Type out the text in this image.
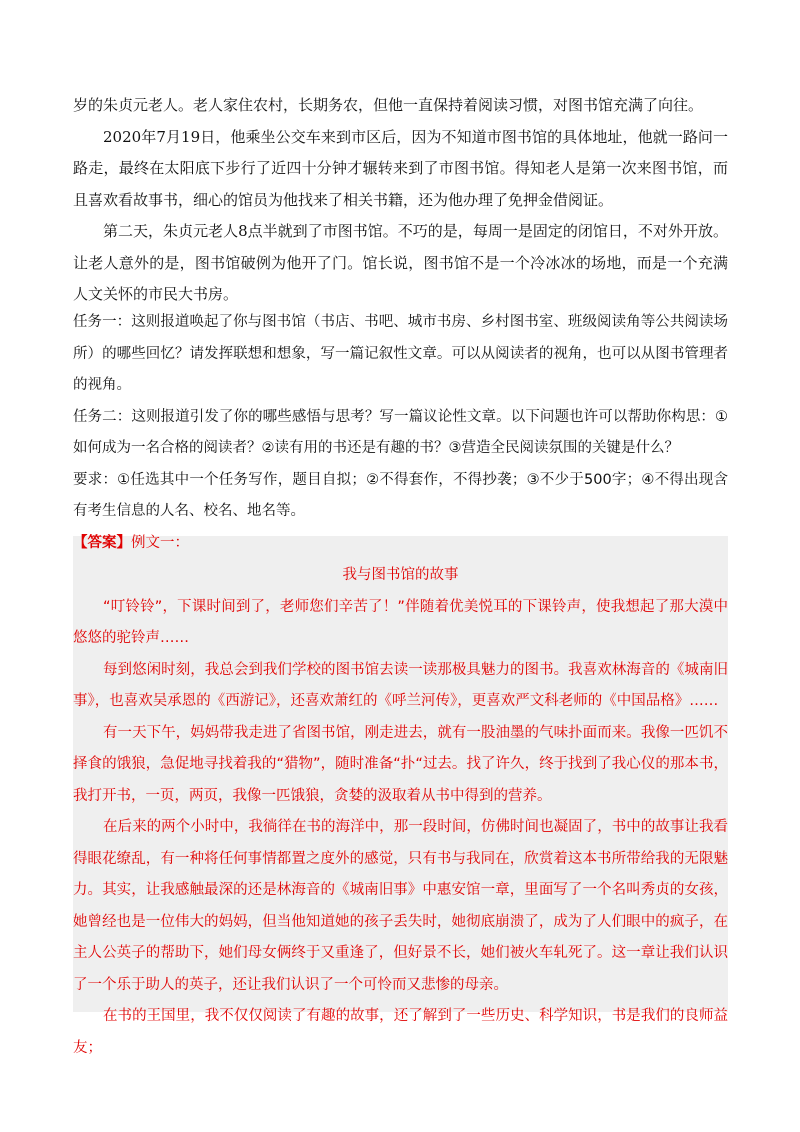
岁的朱贞元老人。老人家住农村，长期务农，但他一直保持着阅读习惯，对图书馆充满了向往。

2020年7月19日，他乘坐公交车来到市区后，因为不知道市图书馆的具体地址，他就一路问一路走，最终在太阳底下步行了近四十分钟才辗转来到了市图书馆。得知老人是第一次来图书馆，而且喜欢看故事书，细心的馆员为他找来了相关书籍，还为他办理了免押金借阅证。

第二天，朱贞元老人8点半就到了市图书馆。不巧的是，每周一是固定的闭馆日，不对外开放。让老人意外的是，图书馆破例为他开了门。馆长说，图书馆不是一个冷冰冰的场地，而是一个充满人文关怀的市民大书房。

任务一：这则报道唤起了你与图书馆（书店、书吧、城市书房、乡村图书室、班级阅读角等公共阅读场所）的哪些回忆？请发挥联想和想象，写一篇记叙性文章。可以从阅读者的视角，也可以从图书管理者的视角。

任务二：这则报道引发了你的哪些感悟与思考？写一篇议论性文章。以下问题也许可以帮助你构思：①如何成为一名合格的阅读者？②读有用的书还是有趣的书？③营造全民阅读氛围的关键是什么？

要求：①任选其中一个任务写作，题目自拟；②不得套作，不得抄袭；③不少于500字；④不得出现含有考生信息的人名、校名、地名等。

【答案】例文一：

我与图书馆的故事

“叮铃铃”，下课时间到了，老师您们辛苦了！”伴随着优美悦耳的下课铃声，使我想起了那大漠中悠悠的驼铃声……

每到悠闲时刻，我总会到我们学校的图书馆去读一读那极具魅力的图书。我喜欢林海音的《城南旧事》，也喜欢吴承恩的《西游记》，还喜欢萧红的《呼兰河传》，更喜欢严文科老师的《中国品格》……

有一天下午，妈妈带我走进了省图书馆，刚走进去，就有一股油墨的气味扑面而来。我像一匹饥不择食的饿狼，急促地寻找着我的“猎物”，随时准备“扑“过去。找了许久，终于找到了我心仪的那本书，我打开书，一页，两页，我像一匹饿狼，贪婪的汲取着从书中得到的营养。

在后来的两个小时中，我徜徉在书的海洋中，那一段时间，仿佛时间也凝固了，书中的故事让我看得眼花缭乱，有一种将任何事情都置之度外的感觉，只有书与我同在，欣赏着这本书所带给我的无限魅力。其实，让我感触最深的还是林海音的《城南旧事》中惠安馆一章，里面写了一个名叫秀贞的女孩，她曾经也是一位伟大的妈妈，但当他知道她的孩子丢失时，她彻底崩溃了，成为了人们眼中的疯子，在主人公英子的帮助下，她们母女俩终于又重逢了，但好景不长，她们被火车轧死了。这一章让我们认识了一个乐于助人的英子，还让我们认识了一个可怜而又悲惨的母亲。

在书的王国里，我不仅仅阅读了有趣的故事，还了解到了一些历史、科学知识，书是我们的良师益友；
